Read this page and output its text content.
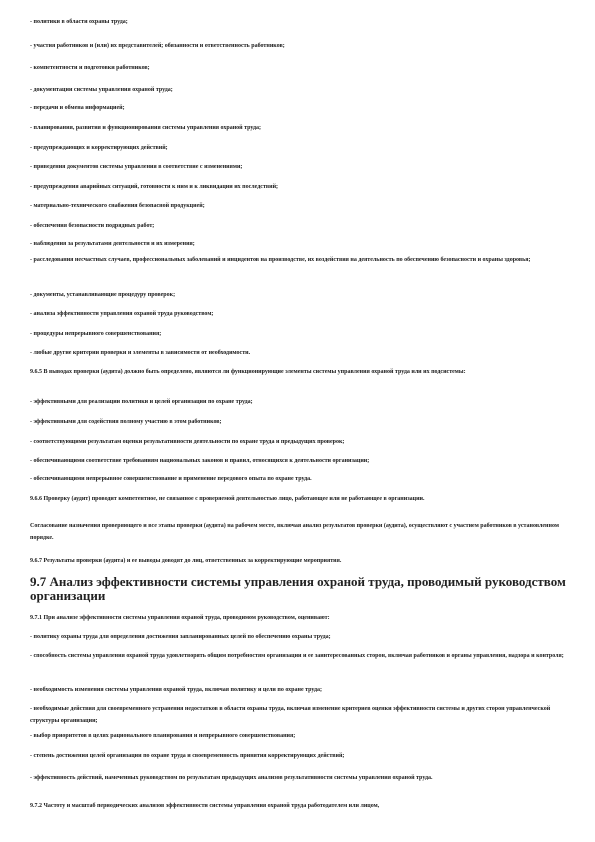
- политики в области охраны труда;
- участия работников и (или) их представителей; обязанности и ответственность работников;
- компетентности и подготовки работников;
- документации системы управления охраной труда;
- передачи и обмена информацией;
- планирования, развития и функционирования системы управления охраной труда;
- предупреждающих и корректирующих действий;
- приведения документов системы управления в соответствие с изменениями;
- предупреждения аварийных ситуаций, готовности к ним и к ликвидации их последствий;
- материально-технического снабжения безопасной продукцией;
- обеспечения безопасности подрядных работ;
- наблюдения за результатами деятельности и их измерения;
- расследования несчастных случаев, профессиональных заболеваний и инцидентов на производстве, их воздействия на деятельность по обеспечению безопасности и охраны здоровья;
- документы, устанавливающие процедуру проверок;
- анализа эффективности управления охраной труда руководством;
- процедуры непрерывного совершенствования;
- любые другие критерии проверки и элементы в зависимости от необходимости.
9.6.5 В выводах проверки (аудита) должно быть определено, являются ли функционирующие элементы системы управления охраной труда или их подсистемы:
- эффективными для реализации политики и целей организации по охране труда;
- эффективными для содействия полному участию в этом работников;
- соответствующими результатам оценки результативности деятельности по охране труда и предыдущих проверок;
- обеспечивающими соответствие требованиям национальных законов и правил, относящихся к деятельности организации;
- обеспечивающими непрерывное совершенствование и применение передового опыта по охране труда.
9.6.6 Проверку (аудит) проводит компетентное, не связанное с проверяемой деятельностью лицо, работающее или не работающее в организации.
Согласование назначения проверяющего и все этапы проверки (аудита) на рабочем месте, включая анализ результатов проверки (аудита), осуществляют с участием работников в установленном порядке.
9.6.7 Результаты проверки (аудита) и ее выводы доводят до лиц, ответственных за корректирующие мероприятия.
9.7 Анализ эффективности системы управления охраной труда, проводимый руководством организации
9.7.1 При анализе эффективности системы управления охраной труда, проводимом руководством, оценивают:
- политику охраны труда для определения достижения запланированных целей по обеспечению охраны труда;
- способность системы управления охраной труда удовлетворять общим потребностям организации и ее заинтересованных сторон, включая работников и органы управления, надзора и контроля;
- необходимость изменения системы управления охраной труда, включая политику и цели по охране труда;
- необходимые действия для своевременного устранения недостатков в области охраны труда, включая изменение критериев оценки эффективности системы и других сторон управленческой структуры организации;
- выбор приоритетов в целях рационального планирования и непрерывного совершенствования;
- степень достижения целей организации по охране труда и своевременность принятия корректирующих действий;
- эффективность действий, намеченных руководством по результатам предыдущих анализов результативности системы управления охраной труда.
9.7.2 Частоту и масштаб периодических анализов эффективности системы управления охраной труда работодателем или лицом,
